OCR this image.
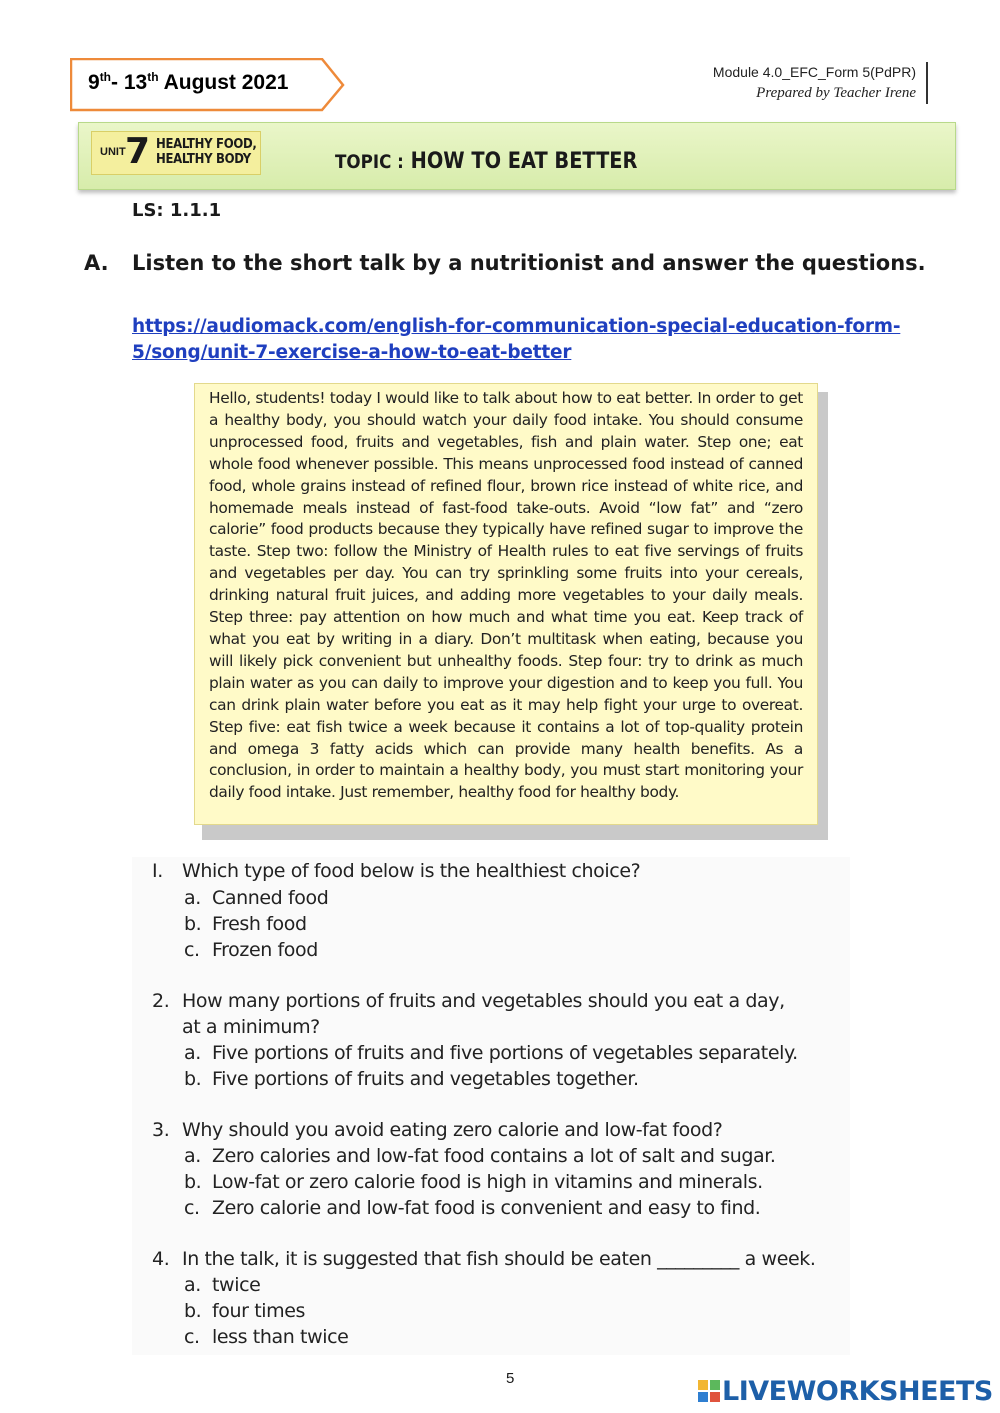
9th- 13th August 2021	Module 4.0_EFC_Form 5(PdPR)
Prepared by Teacher Irene
UNIT 7 HEALTHY FOOD,
HEALTHY BODY	TOPIC : HOW TO EAT BETTER
LS: 1.1.1
A. Listen to the short talk by a nutritionist and answer the questions.
https://audiomack.com/english-for-communication-special-education-form-5/song/unit-7-exercise-a-how-to-eat-better
Hello, students! today I would like to talk about how to eat better. In order to get a healthy body, you should watch your daily food intake. You should consume unprocessed food, fruits and vegetables, fish and plain water. Step one; eat whole food whenever possible. This means unprocessed food instead of canned food, whole grains instead of refined flour, brown rice instead of white rice, and homemade meals instead of fast-food take-outs. Avoid “low fat” and “zero calorie” food products because they typically have refined sugar to improve the taste. Step two: follow the Ministry of Health rules to eat five servings of fruits and vegetables per day. You can try sprinkling some fruits into your cereals, drinking natural fruit juices, and adding more vegetables to your daily meals. Step three: pay attention on how much and what time you eat. Keep track of what you eat by writing in a diary. Don’t multitask when eating, because you will likely pick convenient but unhealthy foods. Step four: try to drink as much plain water as you can daily to improve your digestion and to keep you full. You can drink plain water before you eat as it may help fight your urge to overeat. Step five: eat fish twice a week because it contains a lot of top-quality protein and omega 3 fatty acids which can provide many health benefits. As a conclusion, in order to maintain a healthy body, you must start monitoring your daily food intake. Just remember, healthy food for healthy body.
I. Which type of food below is the healthiest choice?
a. Canned food
b. Fresh food
c. Frozen food
2. How many portions of fruits and vegetables should you eat a day,
at a minimum?
a. Five portions of fruits and five portions of vegetables separately.
b. Five portions of fruits and vegetables together.
3. Why should you avoid eating zero calorie and low-fat food?
a. Zero calories and low-fat food contains a lot of salt and sugar.
b. Low-fat or zero calorie food is high in vitamins and minerals.
c. Zero calorie and low-fat food is convenient and easy to find.
4. In the talk, it is suggested that fish should be eaten _________ a week.
a. twice
b. four times
c. less than twice
5	LIVEWORKSHEETS
